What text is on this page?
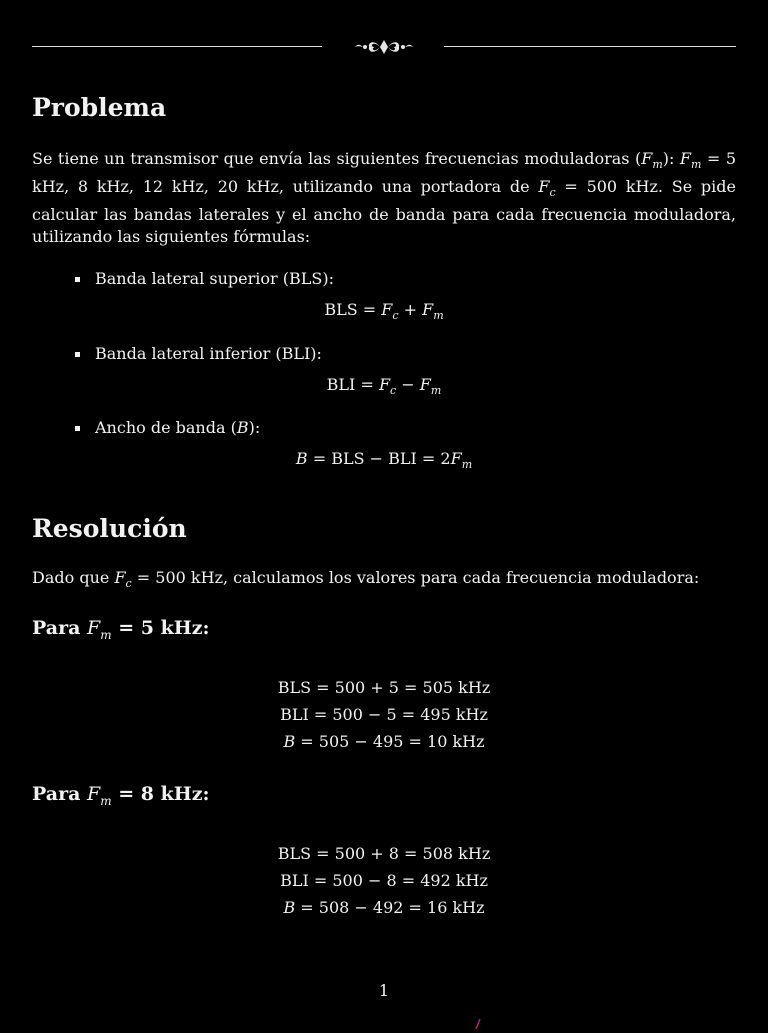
Problema

Se tiene un transmisor que envía las siguientes frecuencias moduladoras $(F_m)$: $F_m = 5$ kHz, 8 kHz, 12 kHz, 20 kHz, utilizando una portadora de $F_c = 500$ kHz. Se pide calcular las bandas laterales y el ancho de banda para cada frecuencia moduladora, utilizando las siguientes fórmulas:

Banda lateral superior (BLS):
BLS = $F_c + F_m$
Banda lateral inferior (BLI):
BLI = $F_c - F_m$
Ancho de banda (B):
B = BLS − BLI = $2F_m$
Resolución

Dado que $F_c = 500$ kHz, calculamos los valores para cada frecuencia moduladora:

Para $F_m = 5$ kHz:
BLS = 500 + 5 = 505 kHz
BLI = 500 − 5 = 495 kHz
B = 505 − 495 = 10 kHz
Para $F_m = 8$ kHz:
BLS = 500 + 8 = 508 kHz
BLI = 500 − 8 = 492 kHz
B = 508 − 492 = 16 kHz
1
